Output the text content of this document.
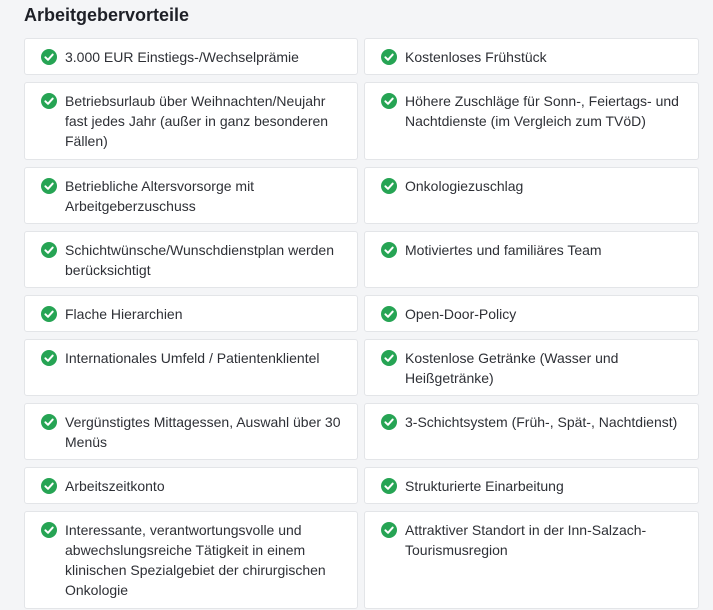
Arbeitgebervorteile
3.000 EUR Einstiegs-/Wechselprämie	Kostenloses Frühstück
Betriebsurlaub über Weihnachten/Neujahr fast jedes Jahr (außer in ganz besonderen Fällen)
Höhere Zuschläge für Sonn-, Feiertags- und Nachtdienste (im Vergleich zum TVöD)
Betriebliche Altersvorsorge mit Arbeitgeberzuschuss
Onkologiezuschlag
Schichtwünsche/Wunschdienstplan werden berücksichtigt
Motiviertes und familiäres Team
Flache Hierarchien	Open-Door-Policy
Internationales Umfeld / Patientenklientel	Kostenlose Getränke (Wasser und Heißgetränke)
Vergünstigtes Mittagessen, Auswahl über 30 Menüs
3-Schichtsystem (Früh-, Spät-, Nachtdienst)
Arbeitszeitkonto	Strukturierte Einarbeitung
Interessante, verantwortungsvolle und abwechslungsreiche Tätigkeit in einem klinischen Spezialgebiet der chirurgischen Onkologie
Attraktiver Standort in der Inn-Salzach-Tourismusregion
